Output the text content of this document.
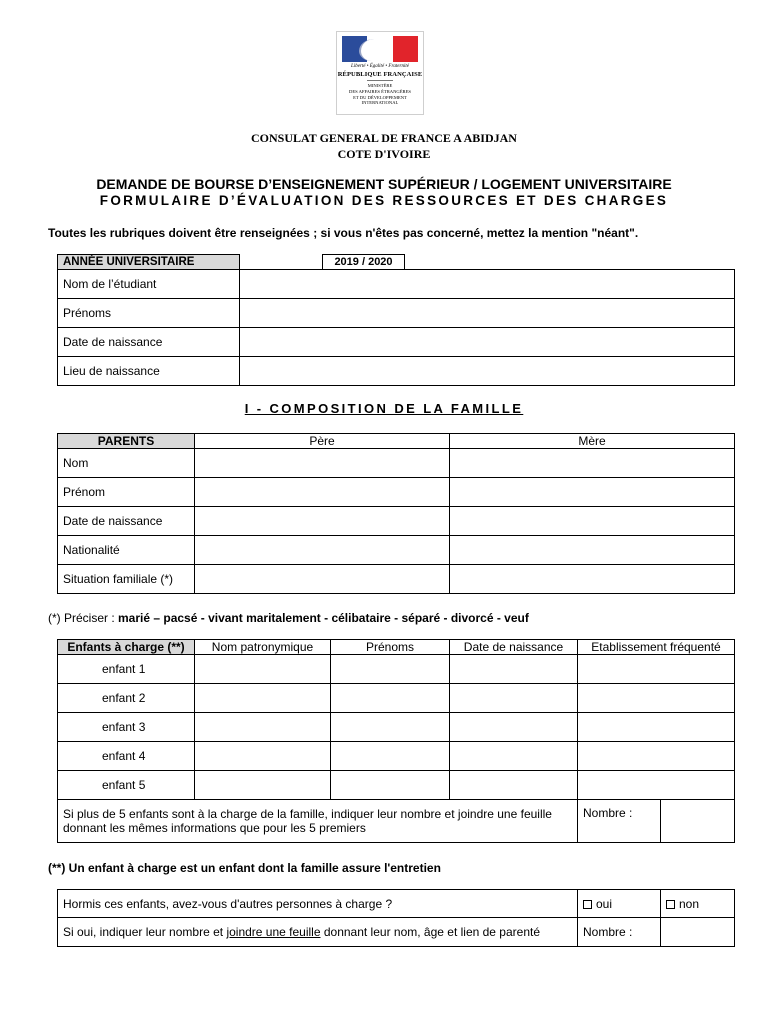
Liberté • Égalité • Fraternité
RÉPUBLIQUE FRANÇAISE
MINISTÈRE
DES AFFAIRES ÉTRANGÈRES
ET DU DÉVELOPPEMENT
INTERNATIONAL
CONSULAT GENERAL DE FRANCE A ABIDJAN
COTE D'IVOIRE
DEMANDE DE BOURSE D’ENSEIGNEMENT SUPÉRIEUR / LOGEMENT UNIVERSITAIRE
FORMULAIRE D’ÉVALUATION DES RESSOURCES ET DES CHARGES
Toutes les rubriques doivent être renseignées ; si vous n'êtes pas concerné, mettez la mention "néant".
ANNÉE UNIVERSITAIRE		2019 / 2020	
Nom de l’étudiant			
Prénoms			
Date de naissance			
Lieu de naissance			
I - COMPOSITION DE LA FAMILLE
PARENTS	Père	Mère
Nom		
Prénom		
Date de naissance		
Nationalité		
Situation familiale (*)		
(*) Préciser : marié – pacsé - vivant maritalement - célibataire - séparé - divorcé - veuf
Enfants à charge (**)	Nom patronymique	Prénoms	Date de naissance	Etablissement fréquenté	
enfant 1					
enfant 2					
enfant 3					
enfant 4					
enfant 5					
Si plus de 5 enfants sont à la charge de la famille, indiquer leur nombre et joindre une feuille donnant les mêmes informations que pour les 5 premiers				Nombre :	
(**) Un enfant à charge est un enfant dont la famille assure l'entretien
Hormis ces enfants, avez-vous d'autres personnes à charge ?	oui	non
Si oui, indiquer leur nombre et joindre une feuille donnant leur nom, âge et lien de parenté	Nombre :	
